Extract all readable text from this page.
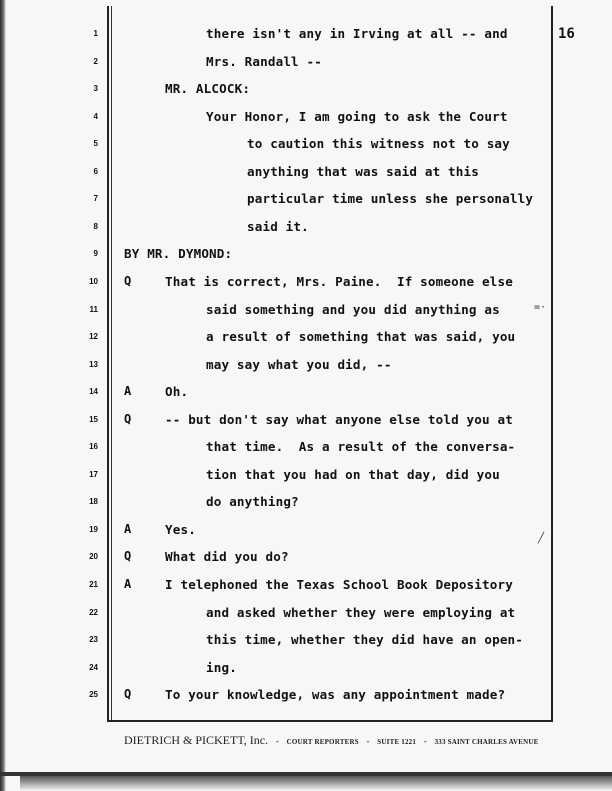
16
1	there isn't any in Irving at all -- and
2	Mrs. Randall --
3	MR. ALCOCK:
4	Your Honor, I am going to ask the Court
5	to caution this witness not to say
6	anything that was said at this
7	particular time unless she personally
8	said it.
9 BY MR. DYMOND:
10 Q	That is correct, Mrs. Paine.  If someone else
11	said something and you did anything as
12	a result of something that was said, you
13	may say what you did, --
14 A	Oh.
15 Q	-- but don't say what anyone else told you at
16	that time.  As a result of the conversa-
17	tion that you had on that day, did you
18	do anything?
19 A	Yes.
20 Q	What did you do?
21 A	I telephoned the Texas School Book Depository
22	and asked whether they were employing at
23	this time, whether they did have an open-
24	ing.
25 Q	To your knowledge, was any appointment made?
=·
╱
DIETRICH & PICKETT, Inc. - COURT REPORTERS - SUITE 1221 - 333 SAINT CHARLES AVENUE
